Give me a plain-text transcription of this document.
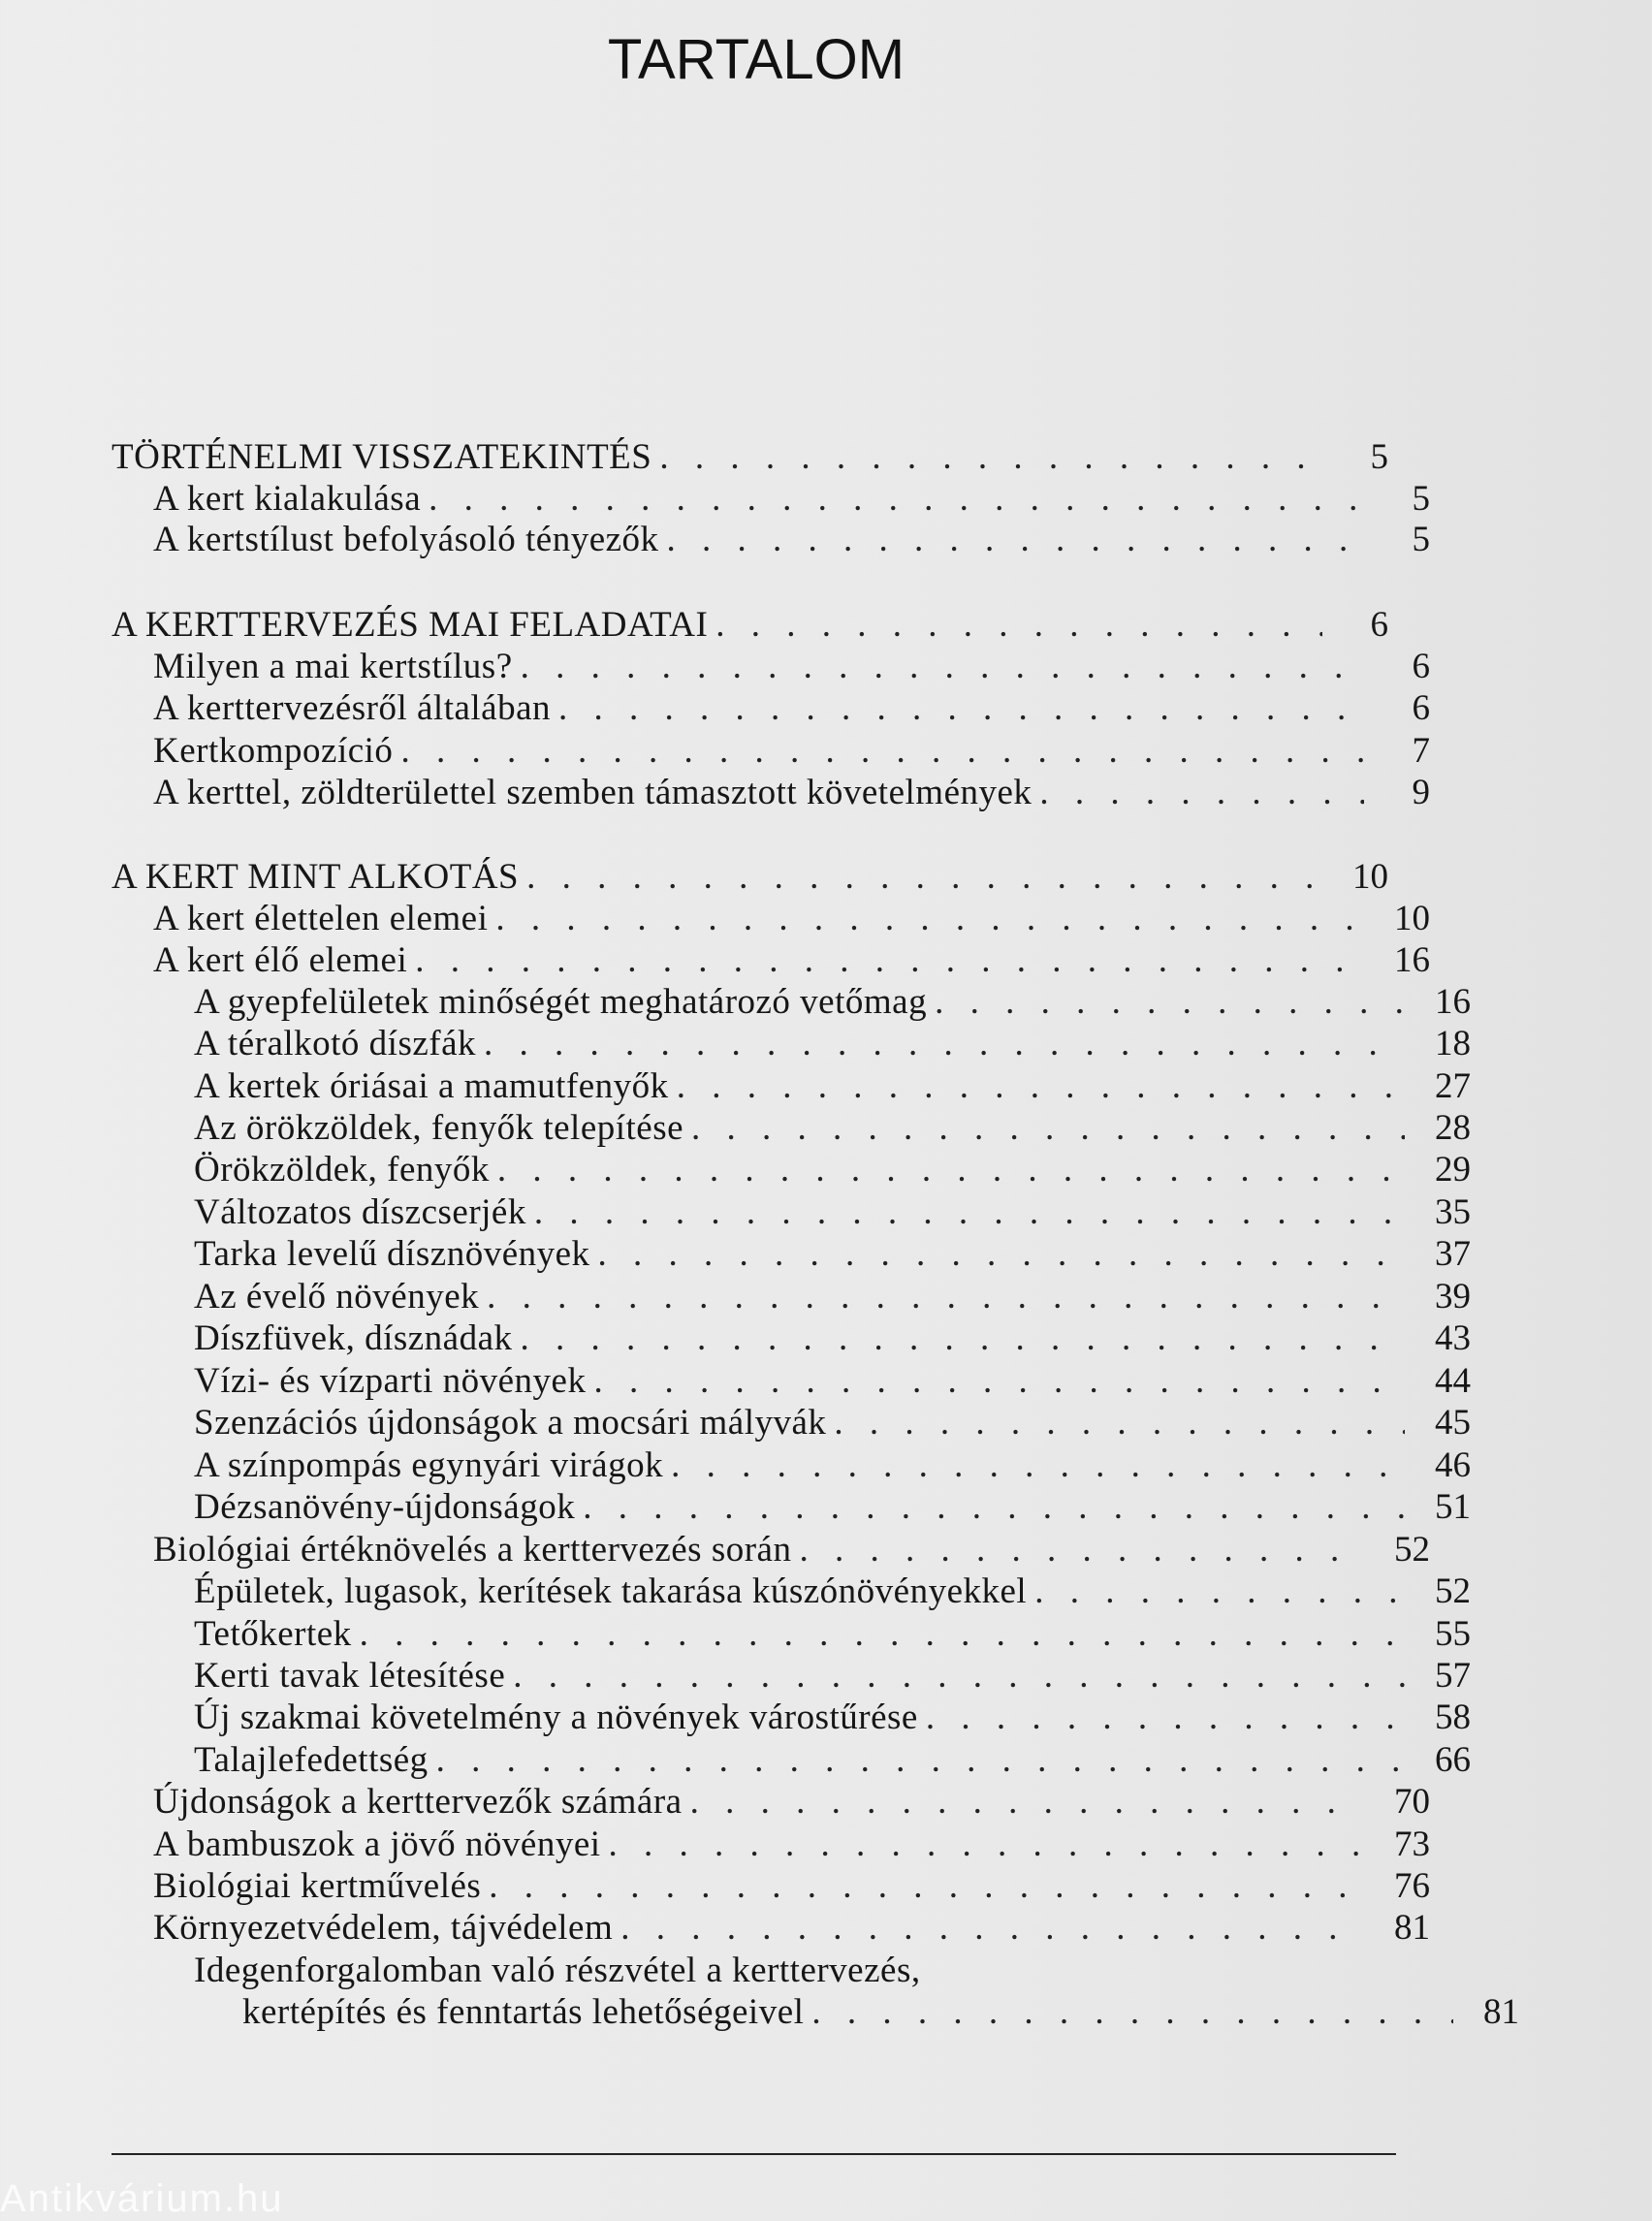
TARTALOM
TÖRTÉNELMI VISSZATEKINTÉS . . .	5
A kert kialakulása . . .	5
A kertstílust befolyásoló tényezők . . .	5
A KERTTERVEZÉS MAI FELADATAI . . .	6
Milyen a mai kertstílus? . . .	6
A kerttervezésről általában . . .	6
Kertkompozíció . . .	7
A kerttel, zöldterülettel szemben támasztott követelmények . . .	9
A KERT MINT ALKOTÁS . . .	10
A kert élettelen elemei . . .	10
A kert élő elemei . . .	16
A gyepfelületek minőségét meghatározó vetőmag . . .	16
A téralkotó díszfák . . .	18
A kertek óriásai a mamutfenyők . . .	27
Az örökzöldek, fenyők telepítése . . .	28
Örökzöldek, fenyők . . .	29
Változatos díszcserjék . . .	35
Tarka levelű dísznövények . . .	37
Az évelő növények . . .	39
Díszfüvek, dísznádak . . .	43
Vízi- és vízparti növények . . .	44
Szenzációs újdonságok a mocsári mályvák . . .	45
A színpompás egynyári virágok . . .	46
Dézsanövény-újdonságok . . .	51
Biológiai értéknövelés a kerttervezés során . . .	52
Épületek, lugasok, kerítések takarása kúszónövényekkel . . .	52
Tetőkertek . . .	55
Kerti tavak létesítése . . .	57
Új szakmai követelmény a növények várostűrése . . .	58
Talajlefedettség . . .	66
Újdonságok a kerttervezők számára . . .	70
A bambuszok a jövő növényei . . .	73
Biológiai kertművelés . . .	76
Környezetvédelem, tájvédelem . . .	81
Idegenforgalomban való részvétel a kerttervezés,
kertépítés és fenntartás lehetőségeivel . . .	81
Antikvárium.hu
